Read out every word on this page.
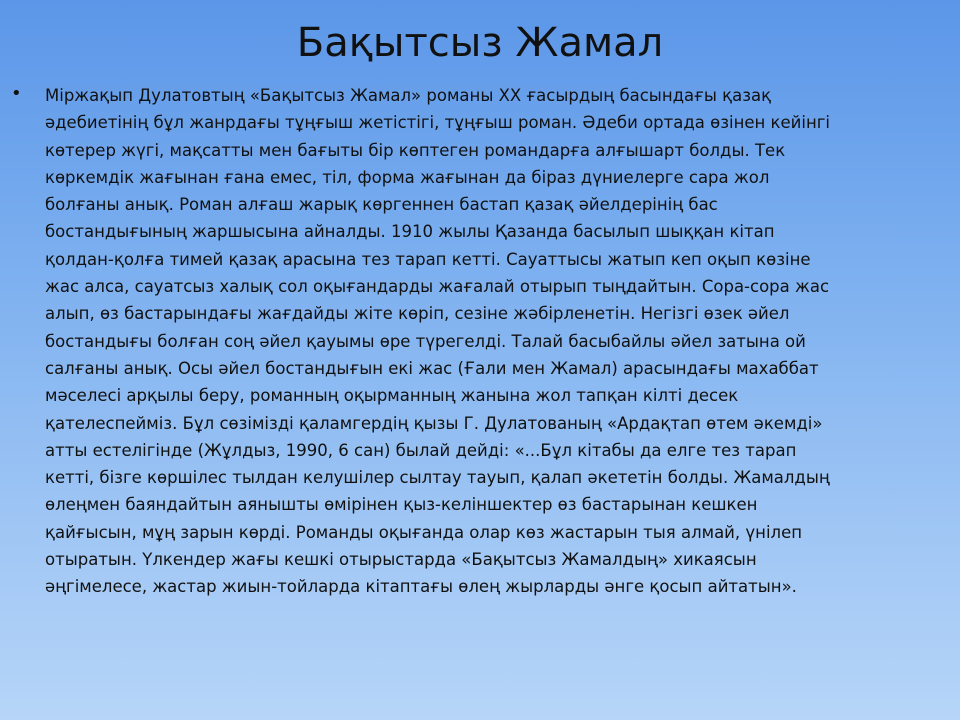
Бақытсыз Жамал
• Міржақып Дулатовтың «Бақытсыз Жамал» романы XX ғасырдың басындағы қазақ
әдебиетінің бұл жанрдағы тұңғыш жетістігі, тұңғыш роман. Әдеби ортада өзінен кейінгі
көтерер жүгі, мақсатты мен бағыты бір көптеген романдарға алғышарт болды. Тек
көркемдік жағынан ғана емес, тіл, форма жағынан да біраз дүниелерге сара жол
болғаны анық. Роман алғаш жарық көргеннен бастап қазақ әйелдерінің бас
бостандығының жаршысына айналды. 1910 жылы Қазанда басылып шыққан кітап
қолдан-қолға тимей қазақ арасына тез тарап кетті. Сауаттысы жатып кеп оқып көзіне
жас алса, сауатсыз халық сол оқығандарды жағалай отырып тыңдайтын. Сора-сора жас
алып, өз бастарындағы жағдайды жіте көріп, сезіне жәбірленетін. Негізгі өзек әйел
бостандығы болған соң әйел қауымы өре түрегелді. Талай басыбайлы әйел затына ой
салғаны анық. Осы әйел бостандығын екі жас (Ғали мен Жамал) арасындағы махаббат
мәселесі арқылы беру, романның оқырманның жанына жол тапқан кілті десек
қателеспейміз. Бұл сөзімізді қаламгердің қызы Г. Дулатованың «Ардақтап өтем әкемді»
атты естелігінде (Жұлдыз, 1990, 6 сан) былай дейді: «...Бұл кітабы да елге тез тарап
кетті, бізге көршілес тылдан келушілер сылтау тауып, қалап әкететін болды. Жамалдың
өлеңмен баяндайтын аянышты өмірінен қыз-келіншектер өз бастарынан кешкен
қайғысын, мұң зарын көрді. Романды оқығанда олар көз жастарын тыя алмай, үнілеп
отыратын. Үлкендер жағы кешкі отырыстарда «Бақытсыз Жамалдың» хикаясын
әңгімелесе, жастар жиын-тойларда кітаптағы өлең жырларды әнге қосып айтатын».
